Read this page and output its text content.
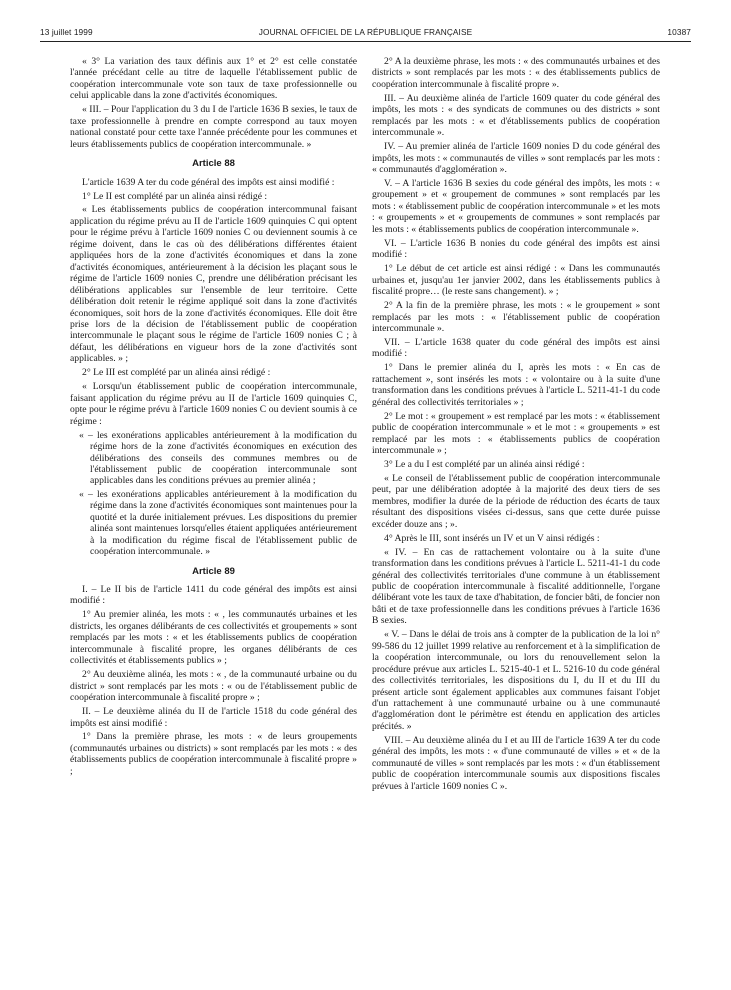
13 juillet 1999	JOURNAL OFFICIEL DE LA RÉPUBLIQUE FRANÇAISE	10387

« 3° La variation des taux définis aux 1° et 2° est celle constatée l'année précédant celle au titre de laquelle l'établissement public de coopération intercommunale vote son taux de taxe professionnelle ou celui applicable dans la zone d'activités économiques.

« III. – Pour l'application du 3 du I de l'article 1636 B sexies, le taux de taxe professionnelle à prendre en compte correspond au taux moyen national constaté pour cette taxe l'année précédente pour les communes et leurs établissements publics de coopération intercommunale. »

Article 88

L'article 1639 A ter du code général des impôts est ainsi modifié :

1° Le II est complété par un alinéa ainsi rédigé :

« Les établissements publics de coopération intercommunal faisant application du régime prévu au II de l'article 1609 quinquies C qui optent pour le régime prévu à l'article 1609 nonies C ou deviennent soumis à ce régime doivent, dans le cas où des délibérations différentes étaient appliquées hors de la zone d'activités économiques et dans la zone d'activités économiques, antérieurement à la décision les plaçant sous le régime de l'article 1609 nonies C, prendre une délibération précisant les délibérations applicables sur l'ensemble de leur territoire. Cette délibération doit retenir le régime appliqué soit dans la zone d'activités économiques, soit hors de la zone d'activités économiques. Elle doit être prise lors de la décision de l'établissement public de coopération intercommunale le plaçant sous le régime de l'article 1609 nonies C ; à défaut, les délibérations en vigueur hors de la zone d'activités sont applicables. » ;

2° Le III est complété par un alinéa ainsi rédigé :

« Lorsqu'un établissement public de coopération intercommunale, faisant application du régime prévu au II de l'article 1609 quinquies C, opte pour le régime prévu à l'article 1609 nonies C ou devient soumis à ce régime :

« – les exonérations applicables antérieurement à la modification du régime hors de la zone d'activités économiques en exécution des délibérations des conseils des communes membres ou de l'établissement public de coopération intercommunale sont applicables dans les conditions prévues au premier alinéa ;

« – les exonérations applicables antérieurement à la modification du régime dans la zone d'activités économiques sont maintenues pour la quotité et la durée initialement prévues. Les dispositions du premier alinéa sont maintenues lorsqu'elles étaient appliquées antérieurement à la modification du régime fiscal de l'établissement public de coopération intercommunale. »

Article 89

I. – Le II bis de l'article 1411 du code général des impôts est ainsi modifié :

1° Au premier alinéa, les mots : « , les communautés urbaines et les districts, les organes délibérants de ces collectivités et groupements » sont remplacés par les mots : « et les établissements publics de coopération intercommunale à fiscalité propre, les organes délibérants de ces collectivités et établissements publics » ;

2° Au deuxième alinéa, les mots : « , de la communauté urbaine ou du district » sont remplacés par les mots : « ou de l'établissement public de coopération intercommunale à fiscalité propre » ;

II. – Le deuxième alinéa du II de l'article 1518 du code général des impôts est ainsi modifié :

1° Dans la première phrase, les mots : « de leurs groupements (communautés urbaines ou districts) » sont remplacés par les mots : « des établissements publics de coopération intercommunale à fiscalité propre » ;

2° A la deuxième phrase, les mots : « des communautés urbaines et des districts » sont remplacés par les mots : « des établissements publics de coopération intercommunale à fiscalité propre ».

III. – Au deuxième alinéa de l'article 1609 quater du code général des impôts, les mots : « des syndicats de communes ou des districts » sont remplacés par les mots : « et d'établissements publics de coopération intercommunale ».

IV. – Au premier alinéa de l'article 1609 nonies D du code général des impôts, les mots : « communautés de villes » sont remplacés par les mots : « communautés d'agglomération ».

V. – A l'article 1636 B sexies du code général des impôts, les mots : « groupement » et « groupement de communes » sont remplacés par les mots : « établissement public de coopération intercommunale » et les mots : « groupements » et « groupements de communes » sont remplacés par les mots : « établissements publics de coopération intercommunale ».

VI. – L'article 1636 B nonies du code général des impôts est ainsi modifié :

1° Le début de cet article est ainsi rédigé : « Dans les communautés urbaines et, jusqu'au 1er janvier 2002, dans les établissements publics à fiscalité propre… (le reste sans changement). » ;

2° A la fin de la première phrase, les mots : « le groupement » sont remplacés par les mots : « l'établissement public de coopération intercommunale ».

VII. – L'article 1638 quater du code général des impôts est ainsi modifié :

1° Dans le premier alinéa du I, après les mots : « En cas de rattachement », sont insérés les mots : « volontaire ou à la suite d'une transformation dans les conditions prévues à l'article L. 5211-41-1 du code général des collectivités territoriales » ;

2° Le mot : « groupement » est remplacé par les mots : « établissement public de coopération intercommunale » et le mot : « groupements » est remplacé par les mots : « établissements publics de coopération intercommunale » ;

3° Le a du I est complété par un alinéa ainsi rédigé :

« Le conseil de l'établissement public de coopération intercommunale peut, par une délibération adoptée à la majorité des deux tiers de ses membres, modifier la durée de la période de réduction des écarts de taux résultant des dispositions visées ci-dessus, sans que cette durée puisse excéder douze ans ; ».

4° Après le III, sont insérés un IV et un V ainsi rédigés :

« IV. – En cas de rattachement volontaire ou à la suite d'une transformation dans les conditions prévues à l'article L. 5211-41-1 du code général des collectivités territoriales d'une commune à un établissement public de coopération intercommunale à fiscalité additionnelle, l'organe délibérant vote les taux de taxe d'habitation, de foncier bâti, de foncier non bâti et de taxe professionnelle dans les conditions prévues à l'article 1636 B sexies.

« V. – Dans le délai de trois ans à compter de la publication de la loi n° 99-586 du 12 juillet 1999 relative au renforcement et à la simplification de la coopération intercommunale, ou lors du renouvellement selon la procédure prévue aux articles L. 5215-40-1 et L. 5216-10 du code général des collectivités territoriales, les dispositions du I, du II et du III du présent article sont également applicables aux communes faisant l'objet d'un rattachement à une communauté urbaine ou à une communauté d'agglomération dont le périmètre est étendu en application des articles précités. »

VIII. – Au deuxième alinéa du I et au III de l'article 1639 A ter du code général des impôts, les mots : « d'une communauté de villes » et « de la communauté de villes » sont remplacés par les mots : « d'un établissement public de coopération intercommunale soumis aux dispositions fiscales prévues à l'article 1609 nonies C ».
